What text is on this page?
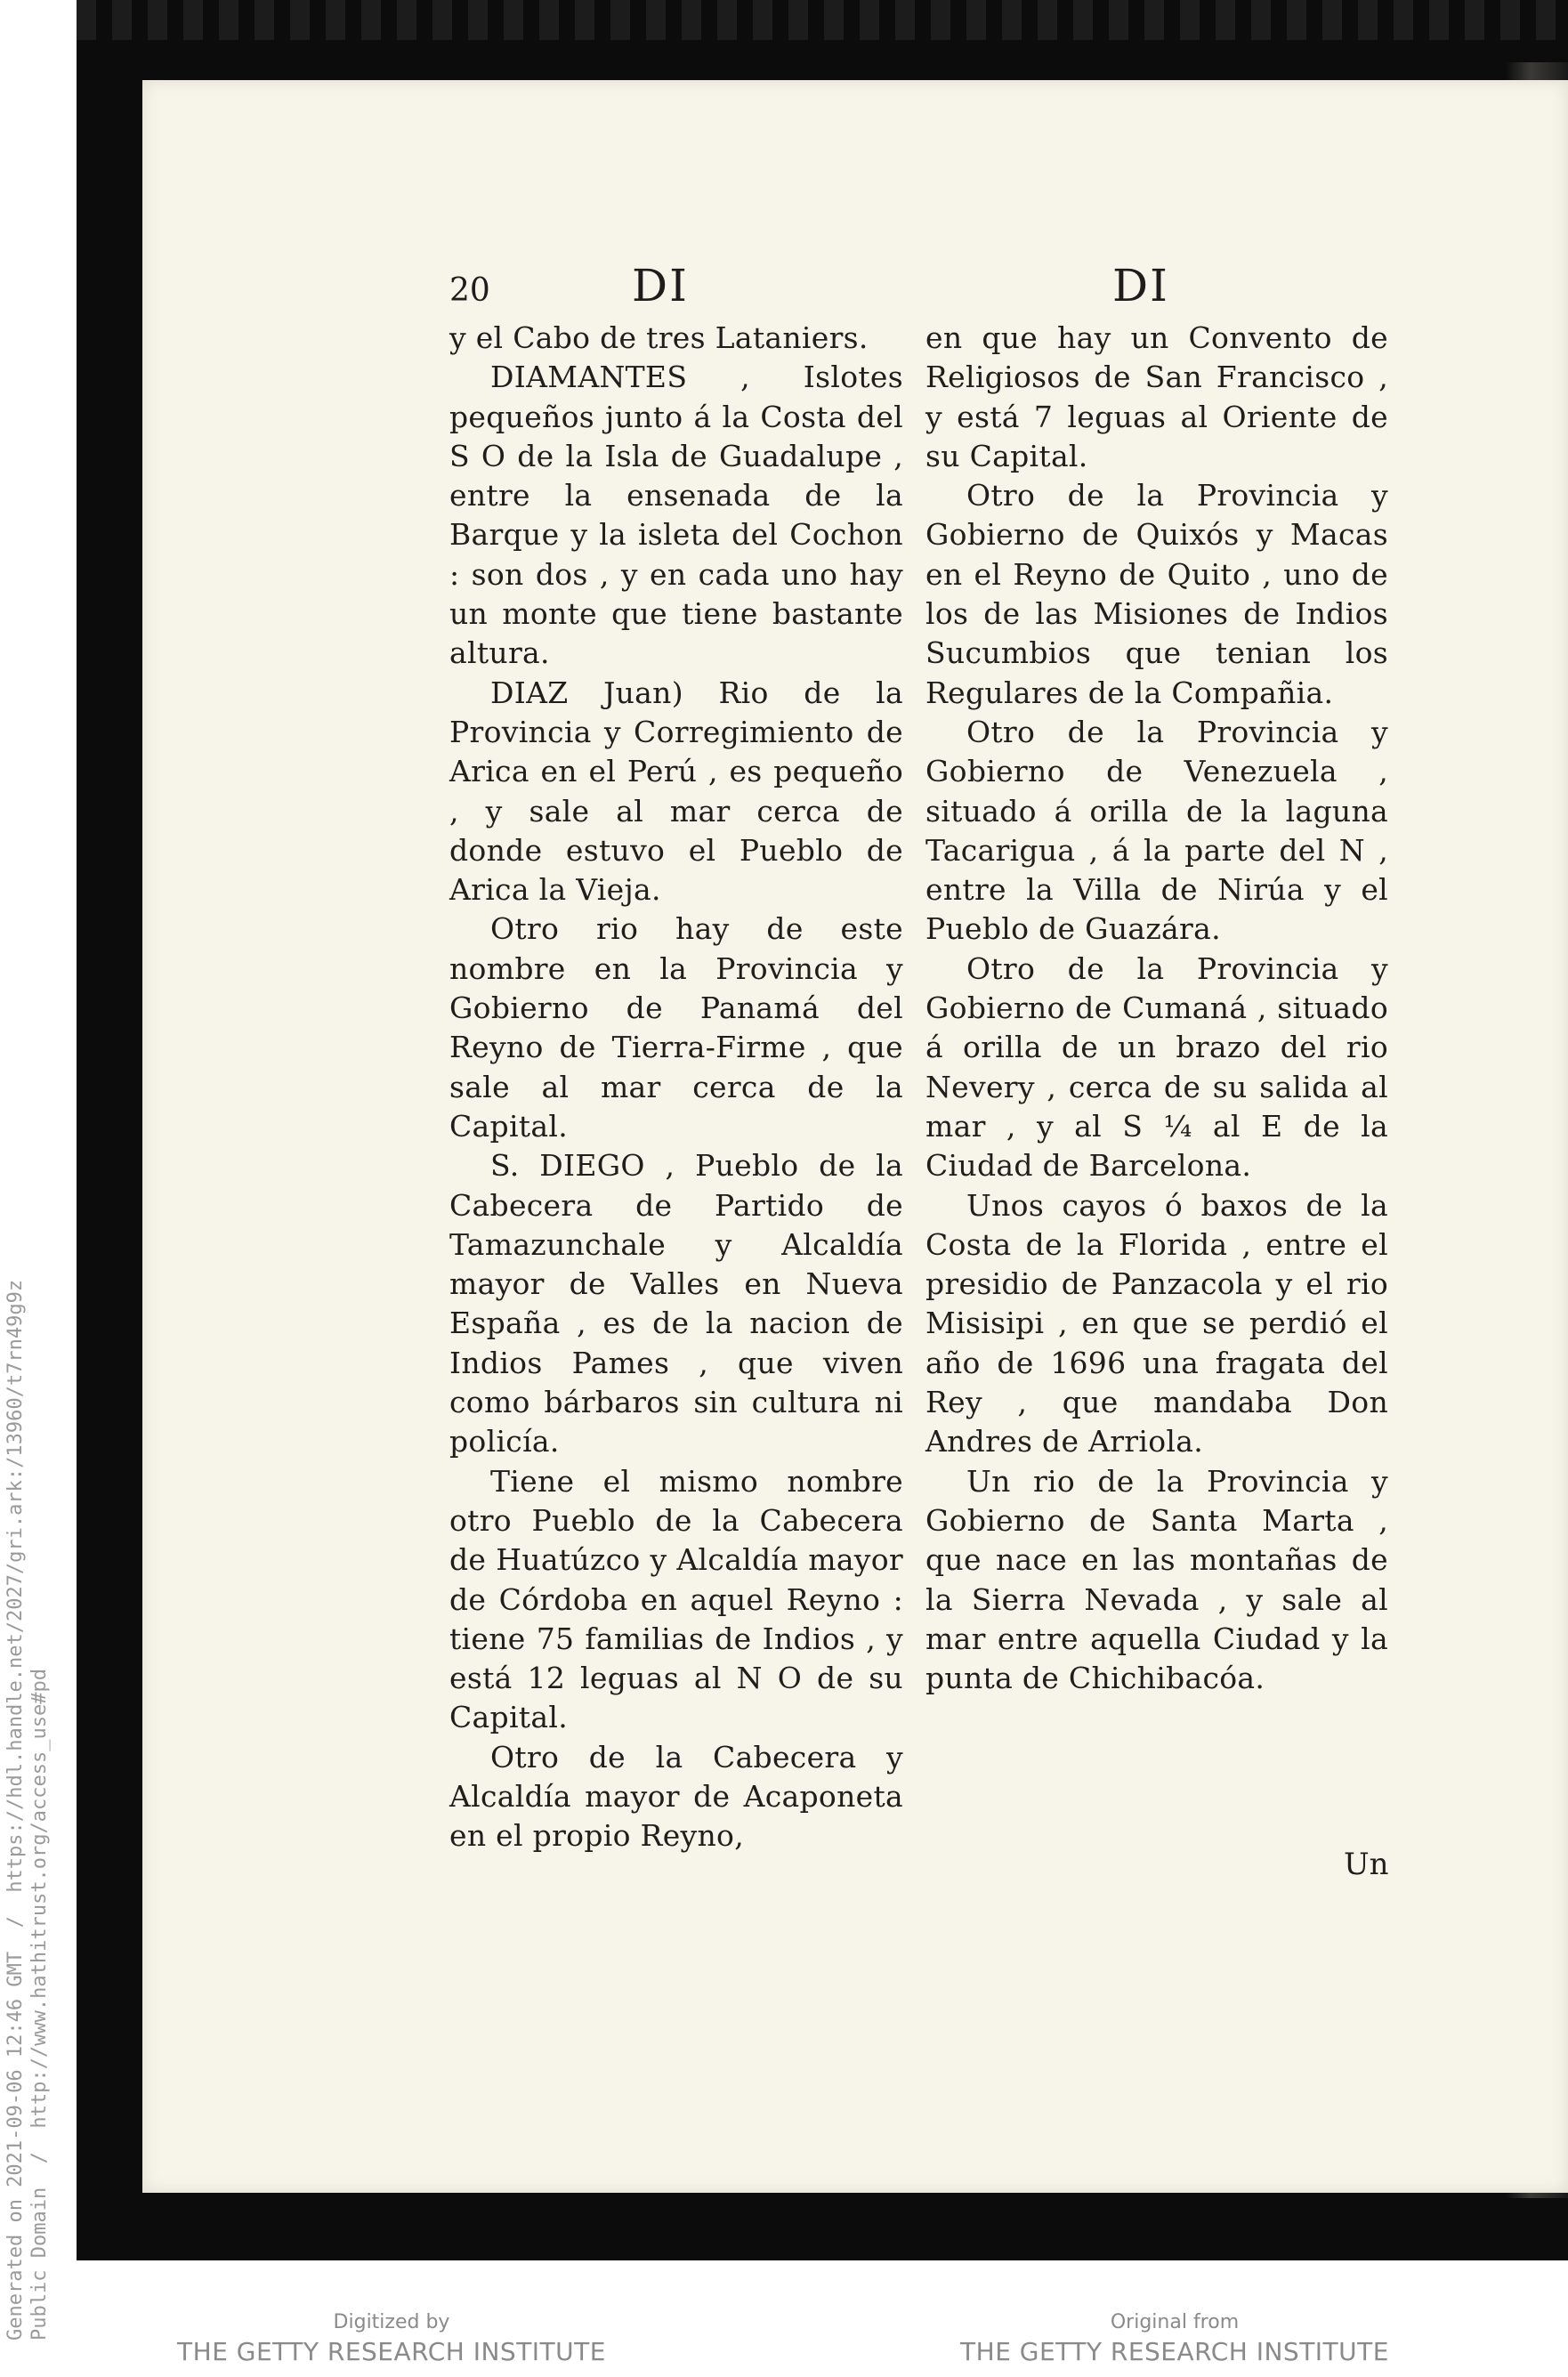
20	DI	DI

y el Cabo de tres Lataniers.

DIAMANTES , Islotes pequeños junto á la Costa del S O de la Isla de Guadalupe , entre la ensenada de la Barque y la isleta del Cochon : son dos , y en cada uno hay un monte que tiene bastante altura.

DIAZ Juan) Rio de la Provincia y Corregimiento de Arica en el Perú , es pequeño , y sale al mar cerca de donde estuvo el Pueblo de Arica la Vieja.

Otro rio hay de este nombre en la Provincia y Gobierno de Panamá del Reyno de Tierra-Firme , que sale al mar cerca de la Capital.

S. DIEGO , Pueblo de la Cabecera de Partido de Tamazunchale y Alcaldía mayor de Valles en Nueva España , es de la nacion de Indios Pames , que viven como bárbaros sin cultura ni policía.

Tiene el mismo nombre otro Pueblo de la Cabecera de Huatúzco y Alcaldía mayor de Córdoba en aquel Reyno : tiene 75 familias de Indios , y está 12 leguas al N O de su Capital.

Otro de la Cabecera y Alcaldía mayor de Acaponeta en el propio Reyno,

en que hay un Convento de Religiosos de San Francisco , y está 7 leguas al Oriente de su Capital.

Otro de la Provincia y Gobierno de Quixós y Macas en el Reyno de Quito , uno de los de las Misiones de Indios Sucumbios que tenian los Regulares de la Compañia.

Otro de la Provincia y Gobierno de Venezuela , situado á orilla de la laguna Tacarigua , á la parte del N , entre la Villa de Nirúa y el Pueblo de Guazára.

Otro de la Provincia y Gobierno de Cumaná , situado á orilla de un brazo del rio Nevery , cerca de su salida al mar , y al S ¼ al E de la Ciudad de Barcelona.

Unos cayos ó baxos de la Costa de la Florida , entre el presidio de Panzacola y el rio Misisipi , en que se perdió el año de 1696 una fragata del Rey , que mandaba Don Andres de Arriola.

Un rio de la Provincia y Gobierno de Santa Marta , que nace en las montañas de la Sierra Nevada , y sale al mar entre aquella Ciudad y la punta de Chichibacóa.

Un
Generated on 2021-09-06 12:46 GMT  /  https://hdl.handle.net/2027/gri.ark:/13960/t7rn49g9z
Public Domain  /  http://www.hathitrust.org/access_use#pd	Digitized by
THE GETTY RESEARCH INSTITUTE
Original from
THE GETTY RESEARCH INSTITUTE
